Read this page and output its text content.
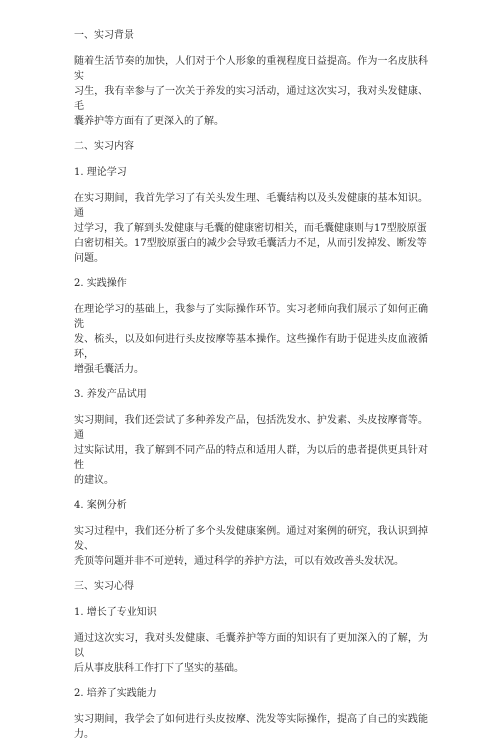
一、实习背景
随着生活节奏的加快，人们对于个人形象的重视程度日益提高。作为一名皮肤科实
习生，我有幸参与了一次关于养发的实习活动，通过这次实习，我对头发健康、毛
囊养护等方面有了更深入的了解。
二、实习内容
1. 理论学习
在实习期间，我首先学习了有关头发生理、毛囊结构以及头发健康的基本知识。通
过学习，我了解到头发健康与毛囊的健康密切相关，而毛囊健康则与17型胶原蛋
白密切相关。17型胶原蛋白的减少会导致毛囊活力不足，从而引发掉发、断发等
问题。
2. 实践操作
在理论学习的基础上，我参与了实际操作环节。实习老师向我们展示了如何正确洗
发、梳头，以及如何进行头皮按摩等基本操作。这些操作有助于促进头皮血液循环，
增强毛囊活力。
3. 养发产品试用
实习期间，我们还尝试了多种养发产品，包括洗发水、护发素、头皮按摩膏等。通
过实际试用，我了解到不同产品的特点和适用人群，为以后的患者提供更具针对性
的建议。
4. 案例分析
实习过程中，我们还分析了多个头发健康案例。通过对案例的研究，我认识到掉发、
秃顶等问题并非不可逆转，通过科学的养护方法，可以有效改善头发状况。
三、实习心得
1. 增长了专业知识
通过这次实习，我对头发健康、毛囊养护等方面的知识有了更加深入的了解，为以
后从事皮肤科工作打下了坚实的基础。
2. 培养了实践能力
实习期间，我学会了如何进行头皮按摩、洗发等实际操作，提高了自己的实践能力。
